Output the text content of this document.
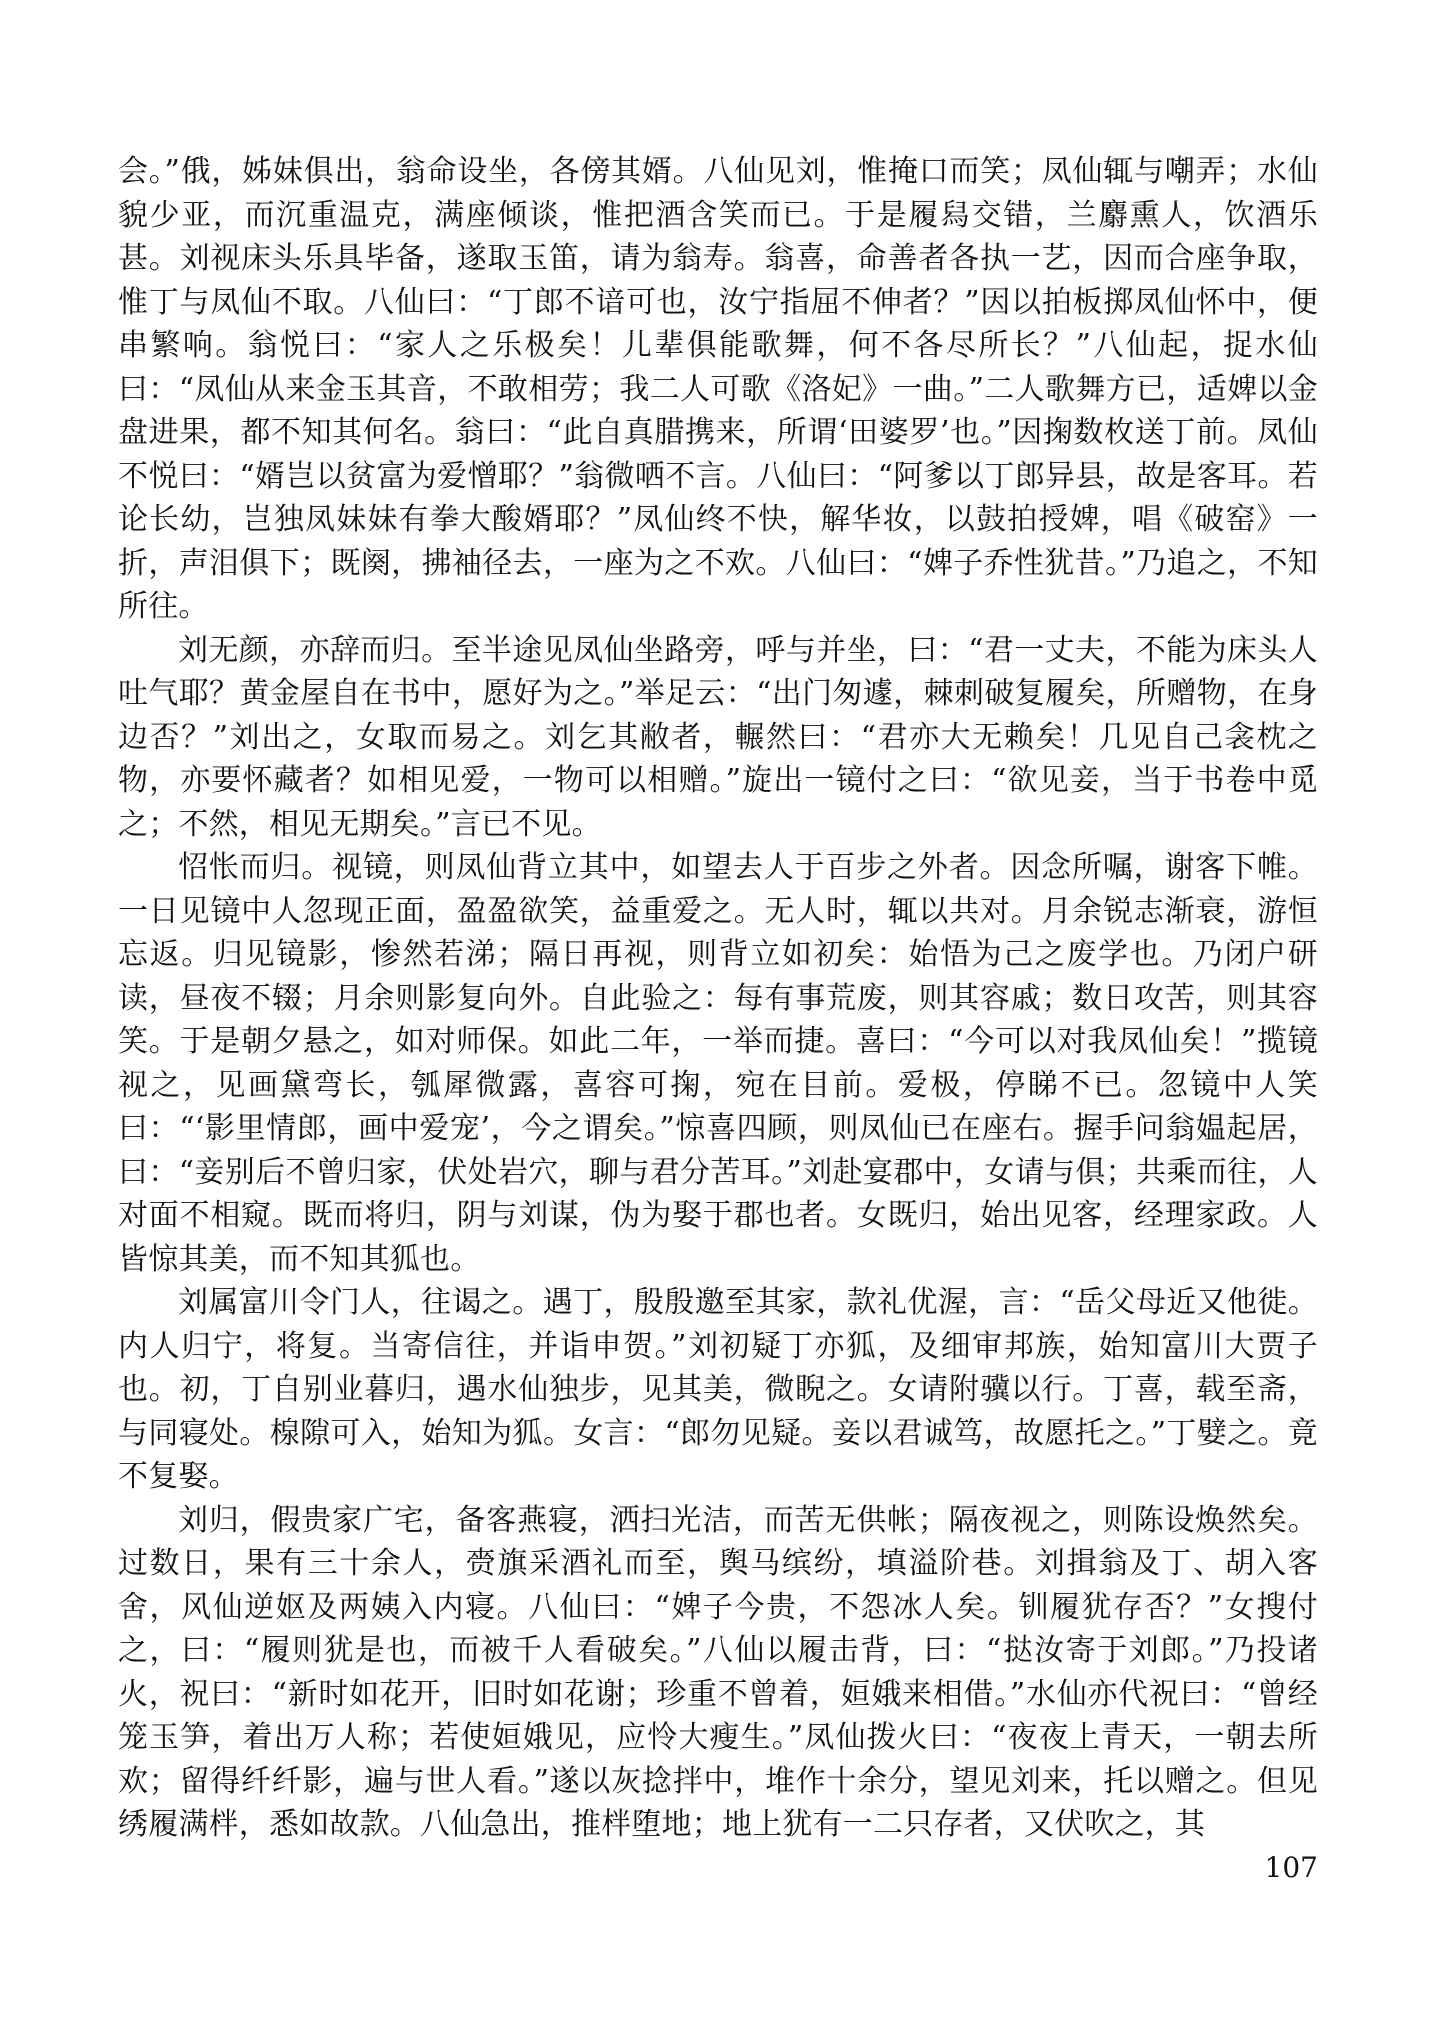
会。”俄，姊妹俱出，翁命设坐，各傍其婿。八仙见刘，惟掩口而笑；凤仙辄与嘲弄；水仙貌少亚，而沉重温克，满座倾谈，惟把酒含笑而已。于是履舄交错，兰麝熏人，饮酒乐甚。刘视床头乐具毕备，遂取玉笛，请为翁寿。翁喜，命善者各执一艺，因而合座争取，惟丁与凤仙不取。八仙曰：“丁郎不谙可也，汝宁指屈不伸者？”因以拍板掷凤仙怀中，便串繁响。翁悦曰：“家人之乐极矣！儿辈俱能歌舞，何不各尽所长？”八仙起，捉水仙曰：“凤仙从来金玉其音，不敢相劳；我二人可歌《洛妃》一曲。”二人歌舞方已，适婢以金盘进果，都不知其何名。翁曰：“此自真腊携来，所谓‘田婆罗’也。”因掬数枚送丁前。凤仙不悦曰：“婿岂以贫富为爱憎耶？”翁微哂不言。八仙曰：“阿爹以丁郎异县，故是客耳。若论长幼，岂独凤妹妹有拳大酸婿耶？”凤仙终不快，解华妆，以鼓拍授婢，唱《破窑》一折，声泪俱下；既阕，拂袖径去，一座为之不欢。八仙曰：“婢子乔性犹昔。”乃追之，不知所往。

刘无颜，亦辞而归。至半途见凤仙坐路旁，呼与并坐，曰：“君一丈夫，不能为床头人吐气耶？黄金屋自在书中，愿好为之。”举足云：“出门匆遽，棘刺破复履矣，所赠物，在身边否？”刘出之，女取而易之。刘乞其敝者，輾然曰：“君亦大无赖矣！几见自己衾枕之物，亦要怀藏者？如相见爱，一物可以相赠。”旋出一镜付之曰：“欲见妾，当于书卷中觅之；不然，相见无期矣。”言已不见。

怊怅而归。视镜，则凤仙背立其中，如望去人于百步之外者。因念所嘱，谢客下帷。一日见镜中人忽现正面，盈盈欲笑，益重爱之。无人时，辄以共对。月余锐志渐衰，游恒忘返。归见镜影，惨然若涕；隔日再视，则背立如初矣：始悟为己之废学也。乃闭户研读，昼夜不辍；月余则影复向外。自此验之：每有事荒废，则其容戚；数日攻苦，则其容笑。于是朝夕悬之，如对师保。如此二年，一举而捷。喜曰：“今可以对我凤仙矣！”揽镜视之，见画黛弯长，瓠犀微露，喜容可掬，宛在目前。爱极，停睇不已。忽镜中人笑曰：“‘影里情郎，画中爱宠’，今之谓矣。”惊喜四顾，则凤仙已在座右。握手问翁媪起居，曰：“妾别后不曾归家，伏处岩穴，聊与君分苦耳。”刘赴宴郡中，女请与俱；共乘而往，人对面不相窥。既而将归，阴与刘谋，伪为娶于郡也者。女既归，始出见客，经理家政。人皆惊其美，而不知其狐也。

刘属富川令门人，往谒之。遇丁，殷殷邀至其家，款礼优渥，言：“岳父母近又他徙。内人归宁，将复。当寄信往，并诣申贺。”刘初疑丁亦狐，及细审邦族，始知富川大贾子也。初，丁自别业暮归，遇水仙独步，见其美，微睨之。女请附骥以行。丁喜，载至斋，与同寝处。楾隙可入，始知为狐。女言：“郎勿见疑。妾以君诚笃，故愿托之。”丁嬖之。竟不复娶。

刘归，假贵家广宅，备客燕寝，洒扫光洁，而苦无供帐；隔夜视之，则陈设焕然矣。过数日，果有三十余人，赍旗采酒礼而至，舆马缤纷，填溢阶巷。刘揖翁及丁、胡入客舍，风仙逆妪及两姨入内寝。八仙曰：“婢子今贵，不怨冰人矣。钏履犹存否？”女搜付之，曰：“履则犹是也，而被千人看破矣。”八仙以履击背，曰：“挞汝寄于刘郎。”乃投诸火，祝曰：“新时如花开，旧时如花谢；珍重不曾着，姮娥来相借。”水仙亦代祝曰：“曾经笼玉笋，着出万人称；若使姮娥见，应怜大瘦生。”凤仙拨火曰：“夜夜上青天，一朝去所欢；留得纤纤影，遍与世人看。”遂以灰捻拌中，堆作十余分，望见刘来，托以赠之。但见绣履满柈，悉如故款。八仙急出，推柈堕地；地上犹有一二只存者，又伏吹之，其

107
